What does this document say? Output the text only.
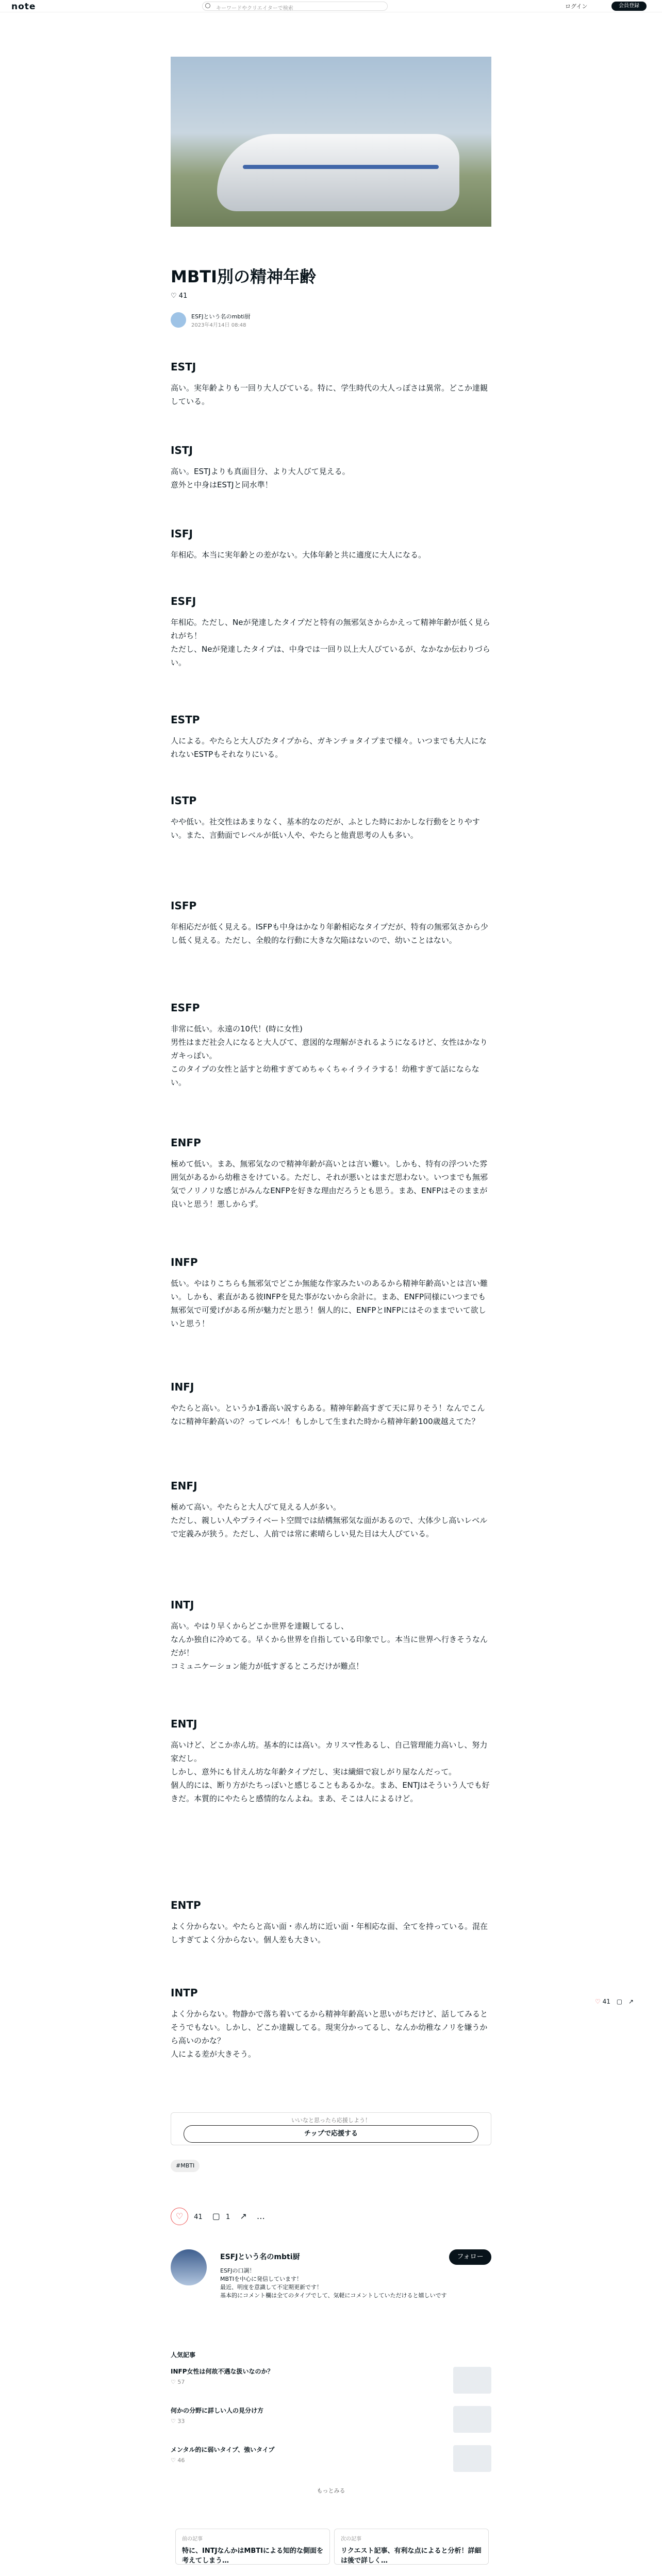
note	キーワードやクリエイターで検索	ログイン	会員登録
MBTI別の精神年齢
♡ 41
ESFJという名のmbti厨
2023年4月14日 08:48
ESTJ

高い。実年齢よりも一回り大人びている。特に、学生時代の大人っぽさは異常。どこか達観している。

ISTJ

高い。ESTJよりも真面目分、より大人びて見える。
意外と中身はESTJと同水準！

ISFJ

年相応。本当に実年齢との差がない。大体年齢と共に適度に大人になる。

ESFJ

年相応。ただし、Neが発達したタイプだと特有の無邪気さからかえって精神年齢が低く見られがち！
ただし、Neが発達したタイプは、中身では一回り以上大人びているが、なかなか伝わりづらい。

ESTP

人による。やたらと大人びたタイプから、ガキンチョタイプまで様々。いつまでも大人になれないESTPもそれなりにいる。

ISTP

やや低い。社交性はあまりなく、基本的なのだが、ふとした時におかしな行動をとりやすい。また、言動面でレベルが低い人や、やたらと他責思考の人も多い。

ISFP

年相応だが低く見える。ISFPも中身はかなり年齢相応なタイプだが、特有の無邪気さから少し低く見える。ただし、全般的な行動に大きな欠陥はないので、幼いことはない。

ESFP

非常に低い。永遠の10代！(時に女性)
男性はまだ社会人になると大人びて、意図的な理解がされるようになるけど、女性はかなりガキっぽい。
このタイプの女性と話すと幼稚すぎてめちゃくちゃイライラする！幼稚すぎて話にならない。

ENFP

極めて低い。まあ、無邪気なので精神年齢が高いとは言い難い。しかも、特有の浮ついた雰囲気があるから幼稚さをけている。ただし、それが悪いとはまだ思わない。いつまでも無邪気でノリノリな感じがみんなENFPを好きな理由だろうとも思う。まあ、ENFPはそのままが良いと思う！悪しからず。

INFP

低い。やはりこちらも無邪気でどこか無能な作家みたいのあるから精神年齢高いとは言い難い。しかも、素直がある彼INFPを見た事がないから余計に。まあ、ENFP同様にいつまでも無邪気で可愛げがある所が魅力だと思う！個人的に、ENFPとINFPにはそのままでいて欲しいと思う！

INFJ

やたらと高い。というか1番高い説すらある。精神年齢高すぎて天に昇りそう！なんでこんなに精神年齢高いの？ってレベル！もしかして生まれた時から精神年齢100歳越えてた？

ENFJ

極めて高い。やたらと大人びて見える人が多い。
ただし、親しい人やプライベート空間では結構無邪気な面があるので、大体少し高いレベルで定義みが狭う。ただし、人前では常に素晴らしい見た目は大人びている。

INTJ

高い。やはり早くからどこか世界を達観してるし、
なんか独自に冷めてる。早くから世界を自指している印象でし。本当に世界へ行きそうなんだが！
コミュニケーション能力が低すぎるところだけが難点！

ENTJ

高いけど、どこか赤ん坊。基本的には高い。カリスマ性あるし、自己管理能力高いし、努力家だし。
しかし、意外にも甘えん坊な年齢タイプだし、実は繊細で寂しがり屋なんだって。
個人的には、断り方がたちっぽいと感じることもあるかな。まあ、ENTJはそういう人でも好きだ。本質的にやたらと感情的なんよね。まあ、そこは人によるけど。

ENTP

よく分からない。やたらと高い面・赤ん坊に近い面・年相応な面、全てを持っている。混在しすぎてよく分からない。個人差も大きい。

INTP

よく分からない。物静かで落ち着いてるから精神年齢高いと思いがちだけど、話してみるとそうでもない。しかし、どこか達観してる。現実分かってるし、なんか幼稚なノリを嫌うから高いのかな？
人による差が大きそう。

♡ 41 ▢ ↗
いいなと思ったら応援しよう！
チップで応援する
#MBTI
♡ 41 ▢ 1 ↗ …
ESFJという名のmbti厨
ESFJの口調！
MBTIを中心に発信しています！
最近、明度を意識して不定期更新です！
基本的にコメント欄は全てのタイプでして、気軽にコメントしていただけると嬉しいです
フォロー
人気記事
INFP女性は何故不遇な扱いなのか？
♡ 57
何かの分野に詳しい人の見分け方
♡ 33
メンタル的に弱いタイプ、強いタイプ
♡ 46
もっとみる
前の記事
特に、INTJなんかはMBTIによる知的な側面を考えてしまう…
次の記事
リクエスト記事、有利な点によると分析！詳細は後で詳しく…
